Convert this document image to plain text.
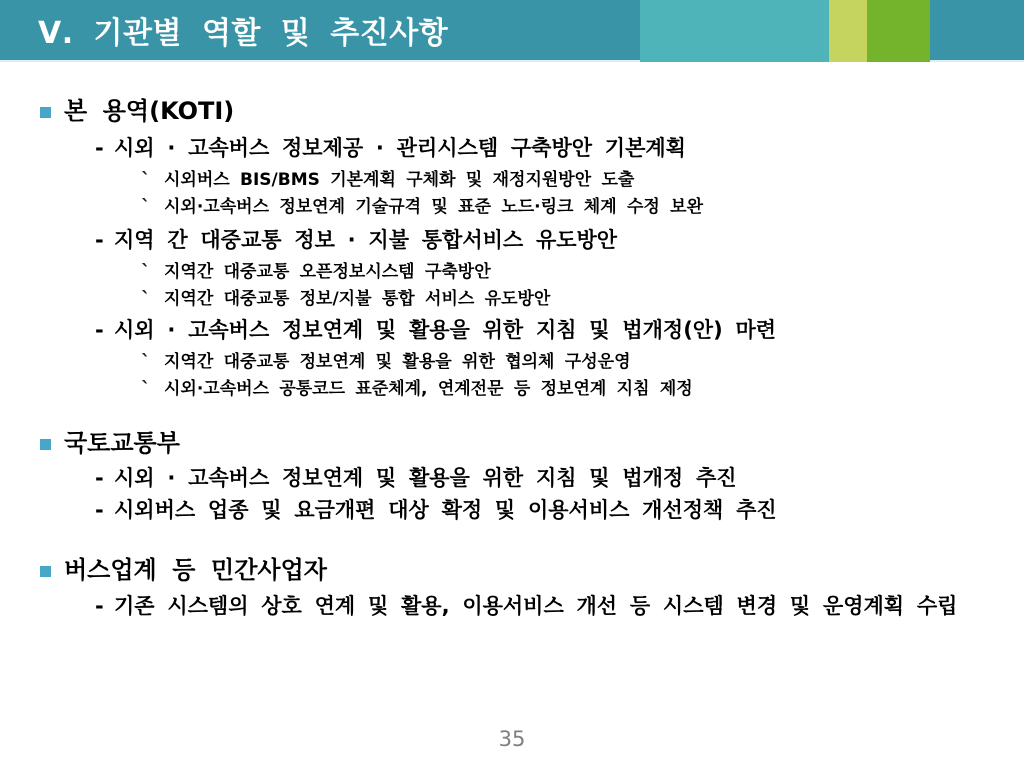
Ⅴ. 기관별 역할 및 추진사항
본 용역(KOTI)
- 시외 · 고속버스 정보제공 · 관리시스템 구축방안 기본계획
` 시외버스 BIS/BMS 기본계획 구체화 및 재정지원방안 도출
` 시외·고속버스 정보연계 기술규격 및 표준 노드·링크 체계 수정 보완
- 지역 간 대중교통 정보 · 지불 통합서비스 유도방안
` 지역간 대중교통 오픈정보시스템 구축방안
` 지역간 대중교통 정보/지불 통합 서비스 유도방안
- 시외 · 고속버스 정보연계 및 활용을 위한 지침 및 법개정(안) 마련
` 지역간 대중교통 정보연계 및 활용을 위한 협의체 구성운영
` 시외·고속버스 공통코드 표준체계, 연계전문 등 정보연계 지침 제정
국토교통부
- 시외 · 고속버스 정보연계 및 활용을 위한 지침 및 법개정 추진
- 시외버스 업종 및 요금개편 대상 확정 및 이용서비스 개선정책 추진
버스업계 등 민간사업자
- 기존 시스템의 상호 연계 및 활용, 이용서비스 개선 등 시스템 변경 및 운영계획 수립
35
